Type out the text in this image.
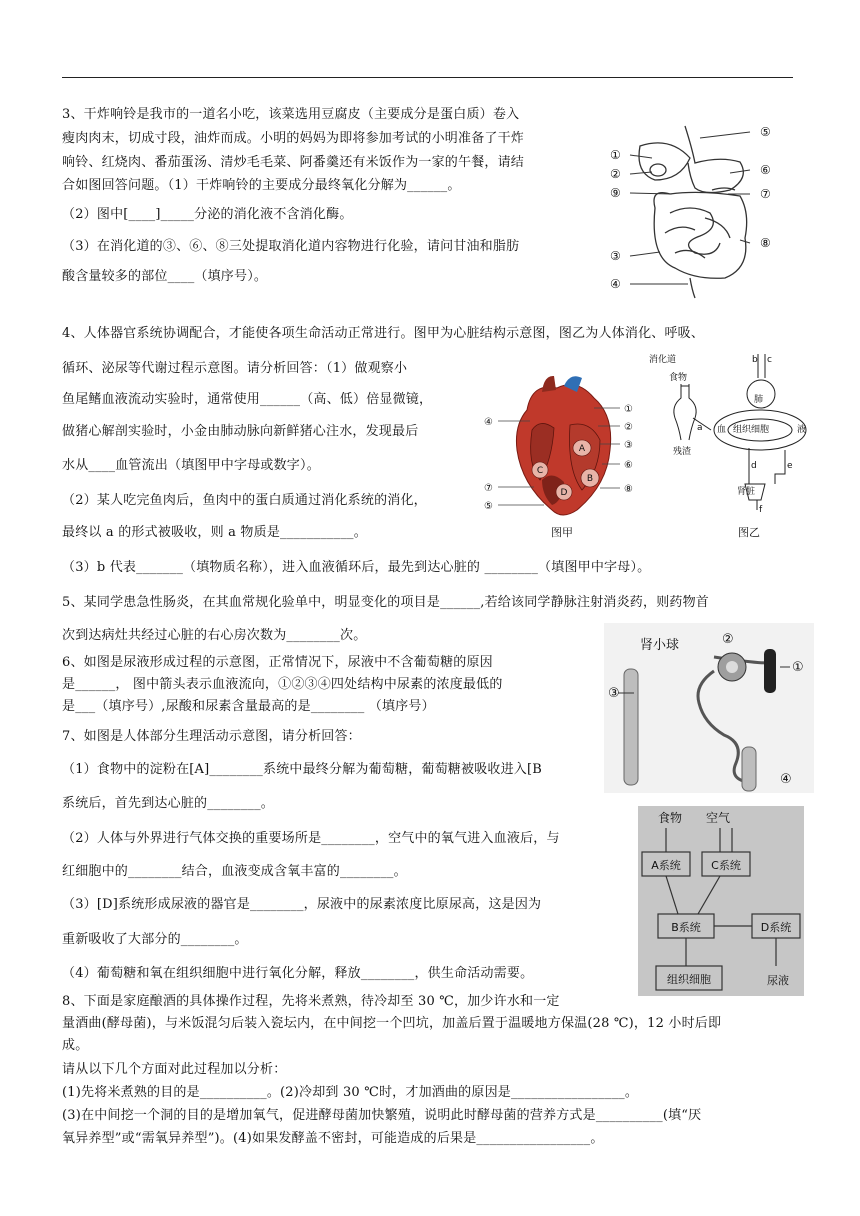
3、干炸响铃是我市的一道名小吃，该菜选用豆腐皮（主要成分是蛋白质）卷入
瘦肉肉末，切成寸段，油炸而成。小明的妈妈为即将参加考试的小明准备了干炸
响铃、红烧肉、番茄蛋汤、清炒毛毛菜、阿番羹还有米饭作为一家的午餐，请结
合如图回答问题。（1）干炸响铃的主要成分最终氧化分解为______。
（2）图中[____]_____分泌的消化液不含消化酶。
（3）在消化道的③、⑥、⑧三处提取消化道内容物进行化验，请问甘油和脂肪
酸含量较多的部位____（填序号）。
①
②
⑨
③
④
⑤
⑥
⑦
⑧
4、人体器官系统协调配合，才能使各项生命活动正常进行。图甲为心脏结构示意图，图乙为人体消化、呼吸、
循环、泌尿等代谢过程示意图。请分析回答：（1）做观察小
鱼尾鳍血液流动实验时，通常使用______（高、低）倍显微镜，
做猪心解剖实验时，小金由肺动脉向新鲜猪心注水，发现最后
水从____血管流出（填图甲中字母或数字）。
（2）某人吃完鱼肉后，鱼肉中的蛋白质通过消化系统的消化，
最终以 a 的形式被吸收，则 a 物质是___________。
（3）b 代表_______（填物质名称），进入血液循环后，最先到达心脏的 ________（填图甲中字母）。
A
B
C
D
④
⑦
⑤
①
②
③
⑥
⑧
图甲
消化道
食物
残渣
b c
肺
a 血 组织细胞	液
d	e
肾脏
f
图乙
5、某同学患急性肠炎，在其血常规化验单中，明显变化的项目是______,若给该同学静脉注射消炎药，则药物首
次到达病灶共经过心脏的右心房次数为________次。
6、如图是尿液形成过程的示意图，正常情况下，尿液中不含葡萄糖的原因
是______， 图中箭头表示血液流向，①②③④四处结构中尿素的浓度最低的
是___（填序号）,尿酸和尿素含量最高的是________ （填序号）
肾小球	②
①
③
④
7、如图是人体部分生理活动示意图，请分析回答：
（1）食物中的淀粉在[A]________系统中最终分解为葡萄糖，葡萄糖被吸收进入[B
系统后，首先到达心脏的________。
（2）人体与外界进行气体交换的重要场所是________，空气中的氧气进入血液后，与
红细胞中的________结合，血液变成含氧丰富的________。
（3）[D]系统形成尿液的器官是________，尿液中的尿素浓度比原尿高，这是因为
重新吸收了大部分的________。
（4）葡萄糖和氧在组织细胞中进行氧化分解，释放________，供生命活动需要。
食物 空气
A系统	C系统
B系统	D系统
组织细胞	尿液
8、下面是家庭酿酒的具体操作过程，先将米煮熟，待冷却至 30 ℃，加少许水和一定
量酒曲(酵母菌)，与米饭混匀后装入瓷坛内，在中间挖一个凹坑，加盖后置于温暖地方保温(28 ℃)，12 小时后即
成。
请从以下几个方面对此过程加以分析：
(1)先将米煮熟的目的是__________。(2)冷却到 30 ℃时，才加酒曲的原因是_________________。
(3)在中间挖一个洞的目的是增加氧气，促进酵母菌加快繁殖，说明此时酵母菌的营养方式是__________(填“厌
氧异养型”或“需氧异养型”)。(4)如果发酵盖不密封，可能造成的后果是_________________。
